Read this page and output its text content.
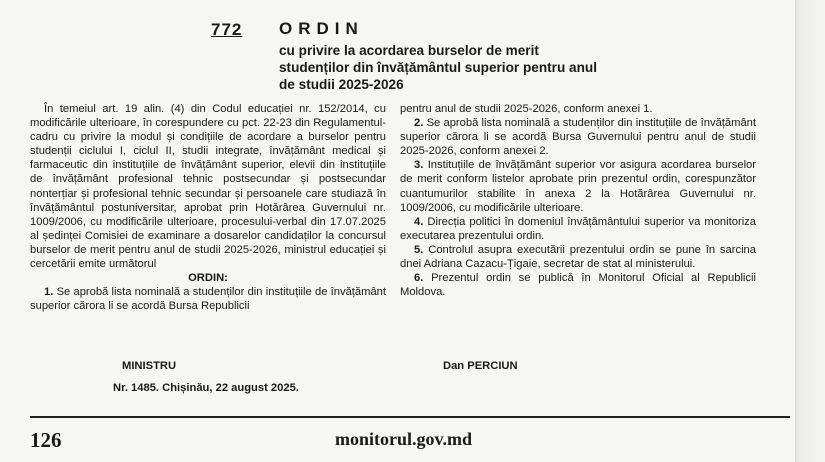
772 ORDIN
cu privire la acordarea burselor de merit
studenților din învățământul superior pentru anul
de studii 2025-2026

În temeiul art. 19 alin. (4) din Codul educației nr. 152/2014, cu modificările ulterioare, în corespundere cu pct. 22-23 din Regulamentul-cadru cu privire la modul și condițiile de acordare a burselor pentru studenții ciclului I, ciclul II, studii integrate, învățământ medical și farmaceutic din instituțiile de învățământ superior, elevii din instituțiile de învățământ profesional tehnic postsecundar și postsecundar nonterțiar și profesional tehnic secundar și persoanele care studiază în învățământul postuniversitar, aprobat prin Hotărârea Guvernului nr. 1009/2006, cu modificările ulterioare, procesului-verbal din 17.07.2025 al ședinței Comisiei de examinare a dosarelor candidaților la concursul burselor de merit pentru anul de studii 2025-2026, ministrul educației și cercetării emite următorul

ORDIN:

1. Se aprobă lista nominală a studenților din instituțiile de învățământ superior cărora li se acordă Bursa Republicii

pentru anul de studii 2025-2026, conform anexei 1.

2. Se aprobă lista nominală a studenților din instituțiile de învățământ superior cărora li se acordă Bursa Guvernului pentru anul de studii 2025-2026, conform anexei 2.

3. Instituțiile de învățământ superior vor asigura acordarea burselor de merit conform listelor aprobate prin prezentul ordin, corespunzător cuantumurilor stabilite în anexa 2 la Hotărârea Guvernului nr. 1009/2006, cu modificările ulterioare.

4. Direcția politici în domeniul învățământului superior va monitoriza executarea prezentului ordin.

5. Controlul asupra executării prezentului ordin se pune în sarcina dnei Adriana Cazacu-Țigaie, secretar de stat al ministerului.

6. Prezentul ordin se publică în Monitorul Oficial al Republicii Moldova.

MINISTRU	Dan PERCIUN
Nr. 1485. Chișinău, 22 august 2025.
126	monitorul.gov.md
